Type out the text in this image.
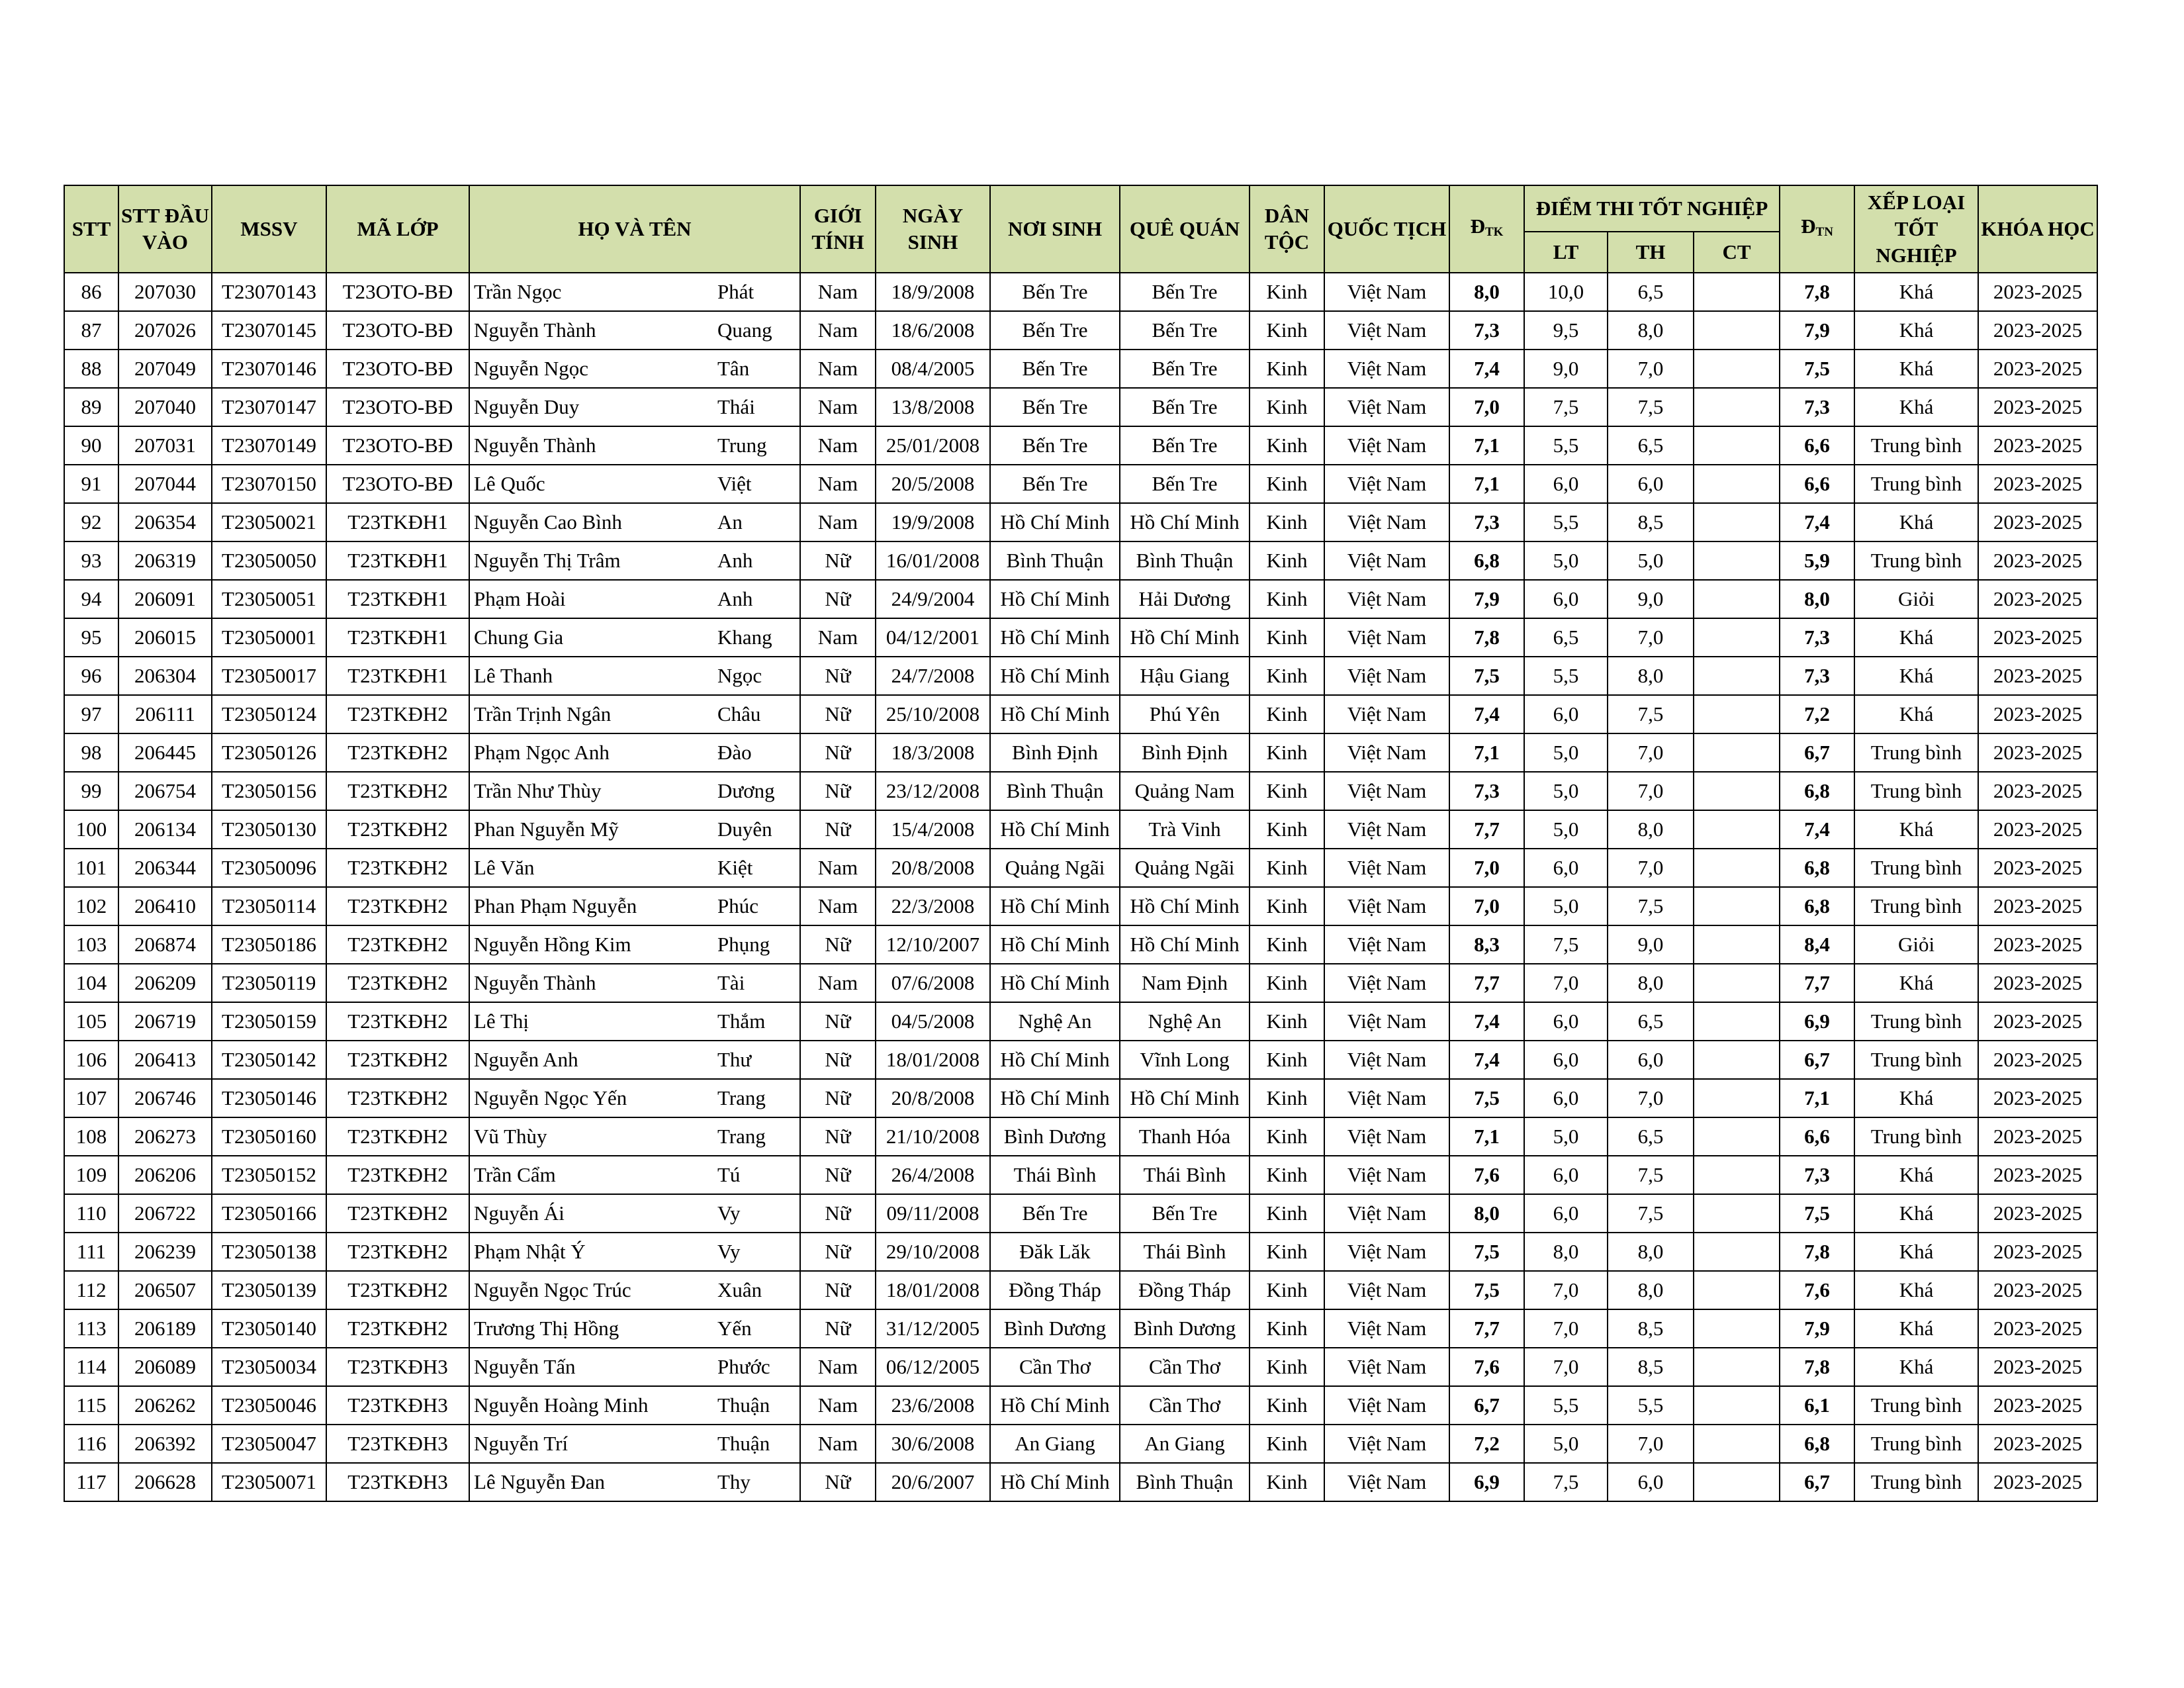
STT	STT ĐẦU VÀO	MSSV	MÃ LỚP	HỌ VÀ TÊN	GIỚI TÍNH	NGÀY SINH	NƠI SINH	QUÊ QUÁN	DÂN TỘC	QUỐC TỊCH	$Đ_{TK}$	ĐIỂM THI TỐT NGHIỆP			$Đ_{TN}$	XẾP LOẠI TỐT NGHIỆP	KHÓA HỌC
												LT	TH	CT			
86	207030	T23070143	T23OTO-BĐ	Trần Ngọc Phát	Nam	18/9/2008	Bến Tre	Bến Tre	Kinh	Việt Nam	8,0	10,0	6,5		7,8	Khá	2023-2025
87	207026	T23070145	T23OTO-BĐ	Nguyễn Thành Quang	Nam	18/6/2008	Bến Tre	Bến Tre	Kinh	Việt Nam	7,3	9,5	8,0		7,9	Khá	2023-2025
88	207049	T23070146	T23OTO-BĐ	Nguyễn Ngọc Tân	Nam	08/4/2005	Bến Tre	Bến Tre	Kinh	Việt Nam	7,4	9,0	7,0		7,5	Khá	2023-2025
89	207040	T23070147	T23OTO-BĐ	Nguyễn Duy Thái	Nam	13/8/2008	Bến Tre	Bến Tre	Kinh	Việt Nam	7,0	7,5	7,5		7,3	Khá	2023-2025
90	207031	T23070149	T23OTO-BĐ	Nguyễn Thành Trung	Nam	25/01/2008	Bến Tre	Bến Tre	Kinh	Việt Nam	7,1	5,5	6,5		6,6	Trung bình	2023-2025
91	207044	T23070150	T23OTO-BĐ	Lê Quốc Việt	Nam	20/5/2008	Bến Tre	Bến Tre	Kinh	Việt Nam	7,1	6,0	6,0		6,6	Trung bình	2023-2025
92	206354	T23050021	T23TKĐH1	Nguyễn Cao Bình An	Nam	19/9/2008	Hồ Chí Minh	Hồ Chí Minh	Kinh	Việt Nam	7,3	5,5	8,5		7,4	Khá	2023-2025
93	206319	T23050050	T23TKĐH1	Nguyễn Thị Trâm Anh	Nữ	16/01/2008	Bình Thuận	Bình Thuận	Kinh	Việt Nam	6,8	5,0	5,0		5,9	Trung bình	2023-2025
94	206091	T23050051	T23TKĐH1	Phạm Hoài Anh	Nữ	24/9/2004	Hồ Chí Minh	Hải Dương	Kinh	Việt Nam	7,9	6,0	9,0		8,0	Giỏi	2023-2025
95	206015	T23050001	T23TKĐH1	Chung Gia Khang	Nam	04/12/2001	Hồ Chí Minh	Hồ Chí Minh	Kinh	Việt Nam	7,8	6,5	7,0		7,3	Khá	2023-2025
96	206304	T23050017	T23TKĐH1	Lê Thanh Ngọc	Nữ	24/7/2008	Hồ Chí Minh	Hậu Giang	Kinh	Việt Nam	7,5	5,5	8,0		7,3	Khá	2023-2025
97	206111	T23050124	T23TKĐH2	Trần Trịnh Ngân Châu	Nữ	25/10/2008	Hồ Chí Minh	Phú Yên	Kinh	Việt Nam	7,4	6,0	7,5		7,2	Khá	2023-2025
98	206445	T23050126	T23TKĐH2	Phạm Ngọc Anh Đào	Nữ	18/3/2008	Bình Định	Bình Định	Kinh	Việt Nam	7,1	5,0	7,0		6,7	Trung bình	2023-2025
99	206754	T23050156	T23TKĐH2	Trần Như Thùy Dương	Nữ	23/12/2008	Bình Thuận	Quảng Nam	Kinh	Việt Nam	7,3	5,0	7,0		6,8	Trung bình	2023-2025
100	206134	T23050130	T23TKĐH2	Phan Nguyễn Mỹ Duyên	Nữ	15/4/2008	Hồ Chí Minh	Trà Vinh	Kinh	Việt Nam	7,7	5,0	8,0		7,4	Khá	2023-2025
101	206344	T23050096	T23TKĐH2	Lê Văn Kiệt	Nam	20/8/2008	Quảng Ngãi	Quảng Ngãi	Kinh	Việt Nam	7,0	6,0	7,0		6,8	Trung bình	2023-2025
102	206410	T23050114	T23TKĐH2	Phan Phạm Nguyễn Phúc	Nam	22/3/2008	Hồ Chí Minh	Hồ Chí Minh	Kinh	Việt Nam	7,0	5,0	7,5		6,8	Trung bình	2023-2025
103	206874	T23050186	T23TKĐH2	Nguyễn Hồng Kim Phụng	Nữ	12/10/2007	Hồ Chí Minh	Hồ Chí Minh	Kinh	Việt Nam	8,3	7,5	9,0		8,4	Giỏi	2023-2025
104	206209	T23050119	T23TKĐH2	Nguyễn Thành Tài	Nam	07/6/2008	Hồ Chí Minh	Nam Định	Kinh	Việt Nam	7,7	7,0	8,0		7,7	Khá	2023-2025
105	206719	T23050159	T23TKĐH2	Lê Thị Thắm	Nữ	04/5/2008	Nghệ An	Nghệ An	Kinh	Việt Nam	7,4	6,0	6,5		6,9	Trung bình	2023-2025
106	206413	T23050142	T23TKĐH2	Nguyễn Anh Thư	Nữ	18/01/2008	Hồ Chí Minh	Vĩnh Long	Kinh	Việt Nam	7,4	6,0	6,0		6,7	Trung bình	2023-2025
107	206746	T23050146	T23TKĐH2	Nguyễn Ngọc Yến Trang	Nữ	20/8/2008	Hồ Chí Minh	Hồ Chí Minh	Kinh	Việt Nam	7,5	6,0	7,0		7,1	Khá	2023-2025
108	206273	T23050160	T23TKĐH2	Vũ Thùy Trang	Nữ	21/10/2008	Bình Dương	Thanh Hóa	Kinh	Việt Nam	7,1	5,0	6,5		6,6	Trung bình	2023-2025
109	206206	T23050152	T23TKĐH2	Trần Cẩm Tú	Nữ	26/4/2008	Thái Bình	Thái Bình	Kinh	Việt Nam	7,6	6,0	7,5		7,3	Khá	2023-2025
110	206722	T23050166	T23TKĐH2	Nguyễn Ái Vy	Nữ	09/11/2008	Bến Tre	Bến Tre	Kinh	Việt Nam	8,0	6,0	7,5		7,5	Khá	2023-2025
111	206239	T23050138	T23TKĐH2	Phạm Nhật Ý Vy	Nữ	29/10/2008	Đăk Lăk	Thái Bình	Kinh	Việt Nam	7,5	8,0	8,0		7,8	Khá	2023-2025
112	206507	T23050139	T23TKĐH2	Nguyễn Ngọc Trúc Xuân	Nữ	18/01/2008	Đồng Tháp	Đồng Tháp	Kinh	Việt Nam	7,5	7,0	8,0		7,6	Khá	2023-2025
113	206189	T23050140	T23TKĐH2	Trương Thị Hồng Yến	Nữ	31/12/2005	Bình Dương	Bình Dương	Kinh	Việt Nam	7,7	7,0	8,5		7,9	Khá	2023-2025
114	206089	T23050034	T23TKĐH3	Nguyễn Tấn Phước	Nam	06/12/2005	Cần Thơ	Cần Thơ	Kinh	Việt Nam	7,6	7,0	8,5		7,8	Khá	2023-2025
115	206262	T23050046	T23TKĐH3	Nguyễn Hoàng Minh Thuận	Nam	23/6/2008	Hồ Chí Minh	Cần Thơ	Kinh	Việt Nam	6,7	5,5	5,5		6,1	Trung bình	2023-2025
116	206392	T23050047	T23TKĐH3	Nguyễn Trí Thuận	Nam	30/6/2008	An Giang	An Giang	Kinh	Việt Nam	7,2	5,0	7,0		6,8	Trung bình	2023-2025
117	206628	T23050071	T23TKĐH3	Lê Nguyễn Đan Thy	Nữ	20/6/2007	Hồ Chí Minh	Bình Thuận	Kinh	Việt Nam	6,9	7,5	6,0		6,7	Trung bình	2023-2025
